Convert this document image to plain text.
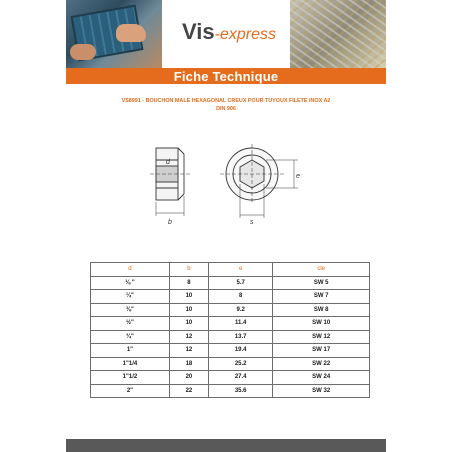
Vis-express
Fiche Technique
VS8991 - BOUCHON MALE HEXAGONAL CREUX POUR TUYOUX FILETE INOX A2
DIN 906
d
b
e
s
d	b	e	cle
⅛ "	8	5.7	SW 5
¼"	10	8	SW 7
⅜"	10	9.2	SW 8
½"	10	11.4	SW 10
¾"	12	13.7	SW 12
1"	12	19.4	SW 17
1"1/4	18	25.2	SW 22
1"1/2	20	27.4	SW 24
2"	22	35.6	SW 32
